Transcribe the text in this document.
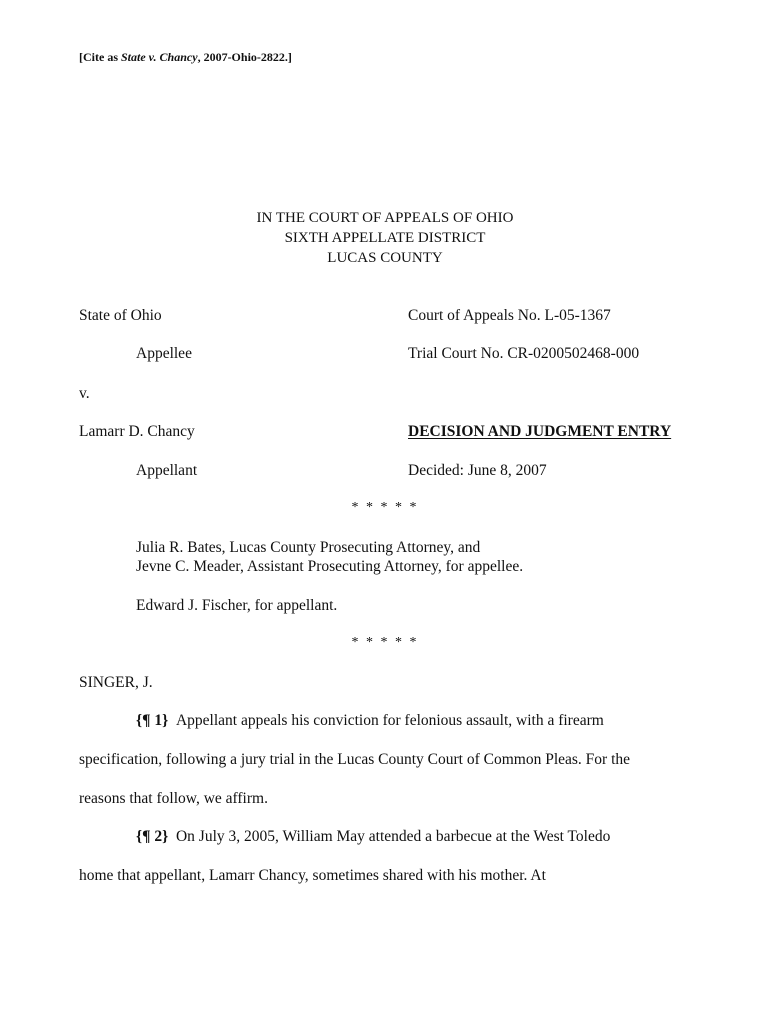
[Cite as State v. Chancy, 2007-Ohio-2822.]
IN THE COURT OF APPEALS OF OHIO
SIXTH APPELLATE DISTRICT
LUCAS COUNTY
State of Ohio	Court of Appeals No. L-05-1367
Appellee	Trial Court No. CR-0200502468-000
v.
Lamarr D. Chancy	DECISION AND JUDGMENT ENTRY
Appellant	Decided: June 8, 2007
* * * * *
Julia R. Bates, Lucas County Prosecuting Attorney, and
Jevne C. Meader, Assistant Prosecuting Attorney, for appellee.
Edward J. Fischer, for appellant.
* * * * *
SINGER, J.
{¶ 1} Appellant appeals his conviction for felonious assault, with a firearm
specification, following a jury trial in the Lucas County Court of Common Pleas. For the
reasons that follow, we affirm.
{¶ 2} On July 3, 2005, William May attended a barbecue at the West Toledo
home that appellant, Lamarr Chancy, sometimes shared with his mother. At
